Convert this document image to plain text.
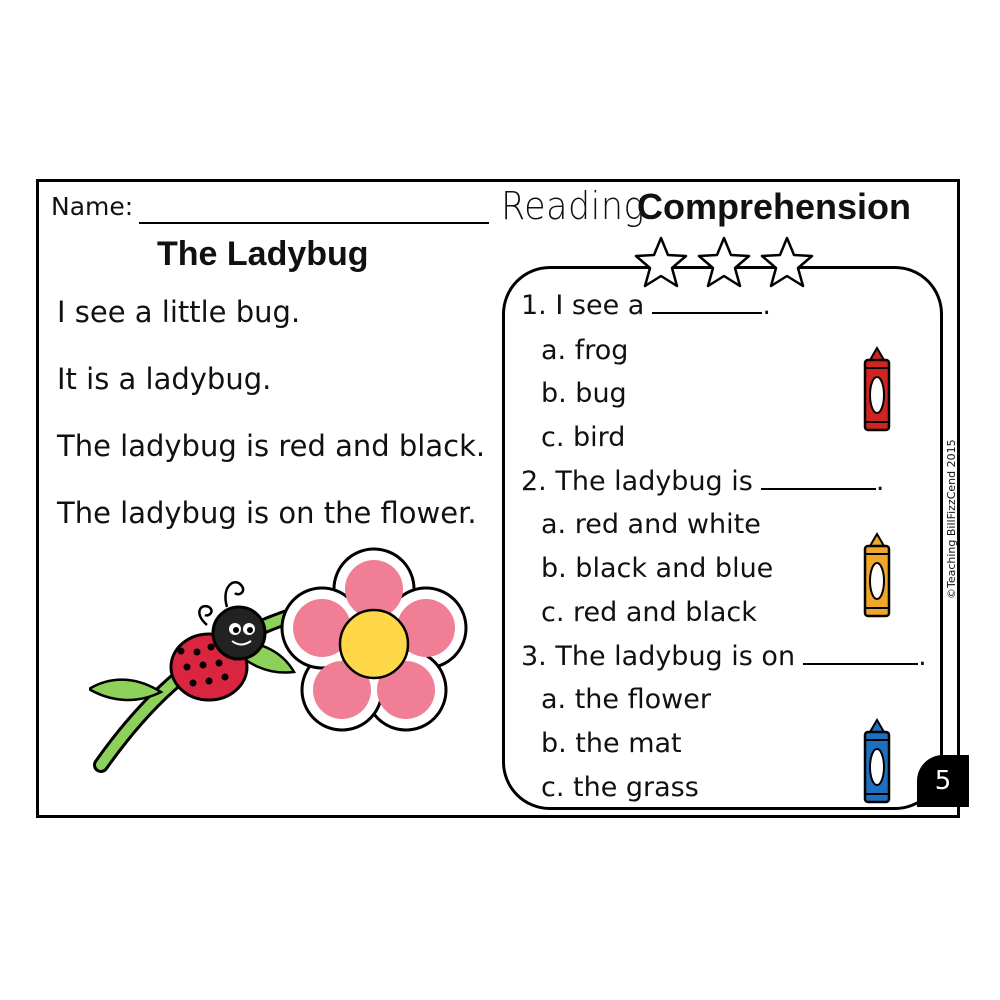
Name:	Reading
Comprehension
The Ladybug
I see a little bug.
It is a ladybug.
The ladybug is red and black.
The ladybug is on the flower.
1. I see a	.
a. frog
b. bug
c. bird
2. The ladybug is	.
a. red and white
b. black and blue
c. red and black
3. The ladybug is on	.
a. the flower
b. the mat
c. the grass
©Teaching BillFizzCend 2015
5
